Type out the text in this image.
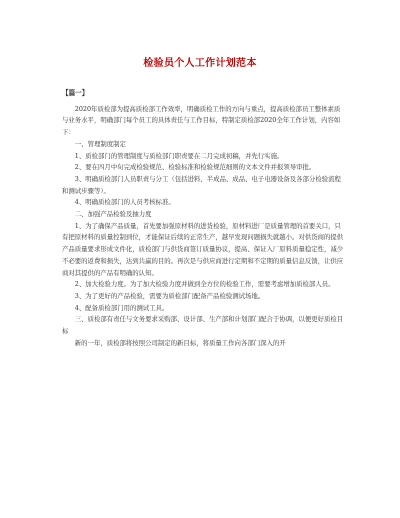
检验员个人工作计划范本
【篇一】

2020年质检部为提高质检部工作效率，明确质检工作的方向与重点，提高质检部员工整体素质与业务水平，明确部门每个员工的具体责任与工作目标，特制定质检部2020全年工作计划，内容如下：

一、管理制度制定

1、质检部门的管理制度与质检部门职责要在二月完成初稿，并先行实施。

2、要在四月中旬完成检验规范、检验标准和检验规范细则的文本文件并报领导审批。

3、明确质检部门人员职责与分工（包括进料、半成品、成品、电子电器设备及各部分检验流程和测试步骤等）。

4、明确质检部门的人员考核标准。

二、加强产品检验及抽力度

1、为了确保产品质量，首先要加强原材料的进货检验，原材料进厂是质量管理的首要关口，只有把原材料的质量控制到位，才能保证后续的正常生产，越早发现问题损失就越小。对供货商的提供产品质量要求形成文件化，质检部门与供货商签订质量协议，提高、保证入厂原料质量稳定性，减少不必要的返费和损失，达到共赢的目的。再次是与供应商进行定期和不定期的质量信息反馈，让供应商对其提供的产品有明确的认知。

2、加大检验力度。为了加大检验力度并做到全方位的检验工作，需要考虑增加质检部人员。

3、为了更好的产品检验，需要为质检部门配备产品检验测试场地。

4、配备质检部门用的测试工具。

三、质检部有责任与文务要求采购部、设计部、生产部和计划部门配合于协调，以便更好质检目标

新的一年，质检部将按照公司制定的新目标，将质量工作向各部门深入的开
